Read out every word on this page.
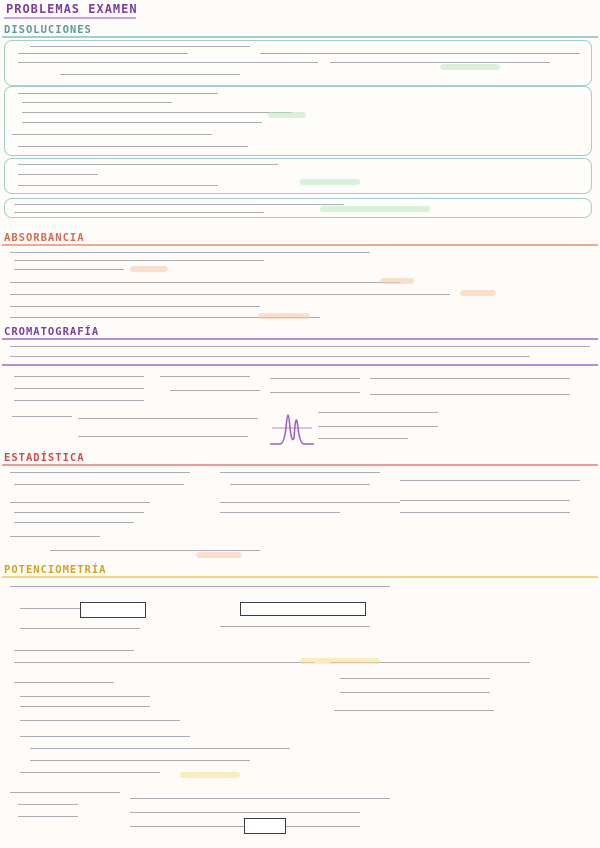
PROBLEMAS EXAMEN
DISOLUCIONES
ABSORBANCIA
CROMATOGRAFÍA
ESTADÍSTICA
POTENCIOMETRÍA
